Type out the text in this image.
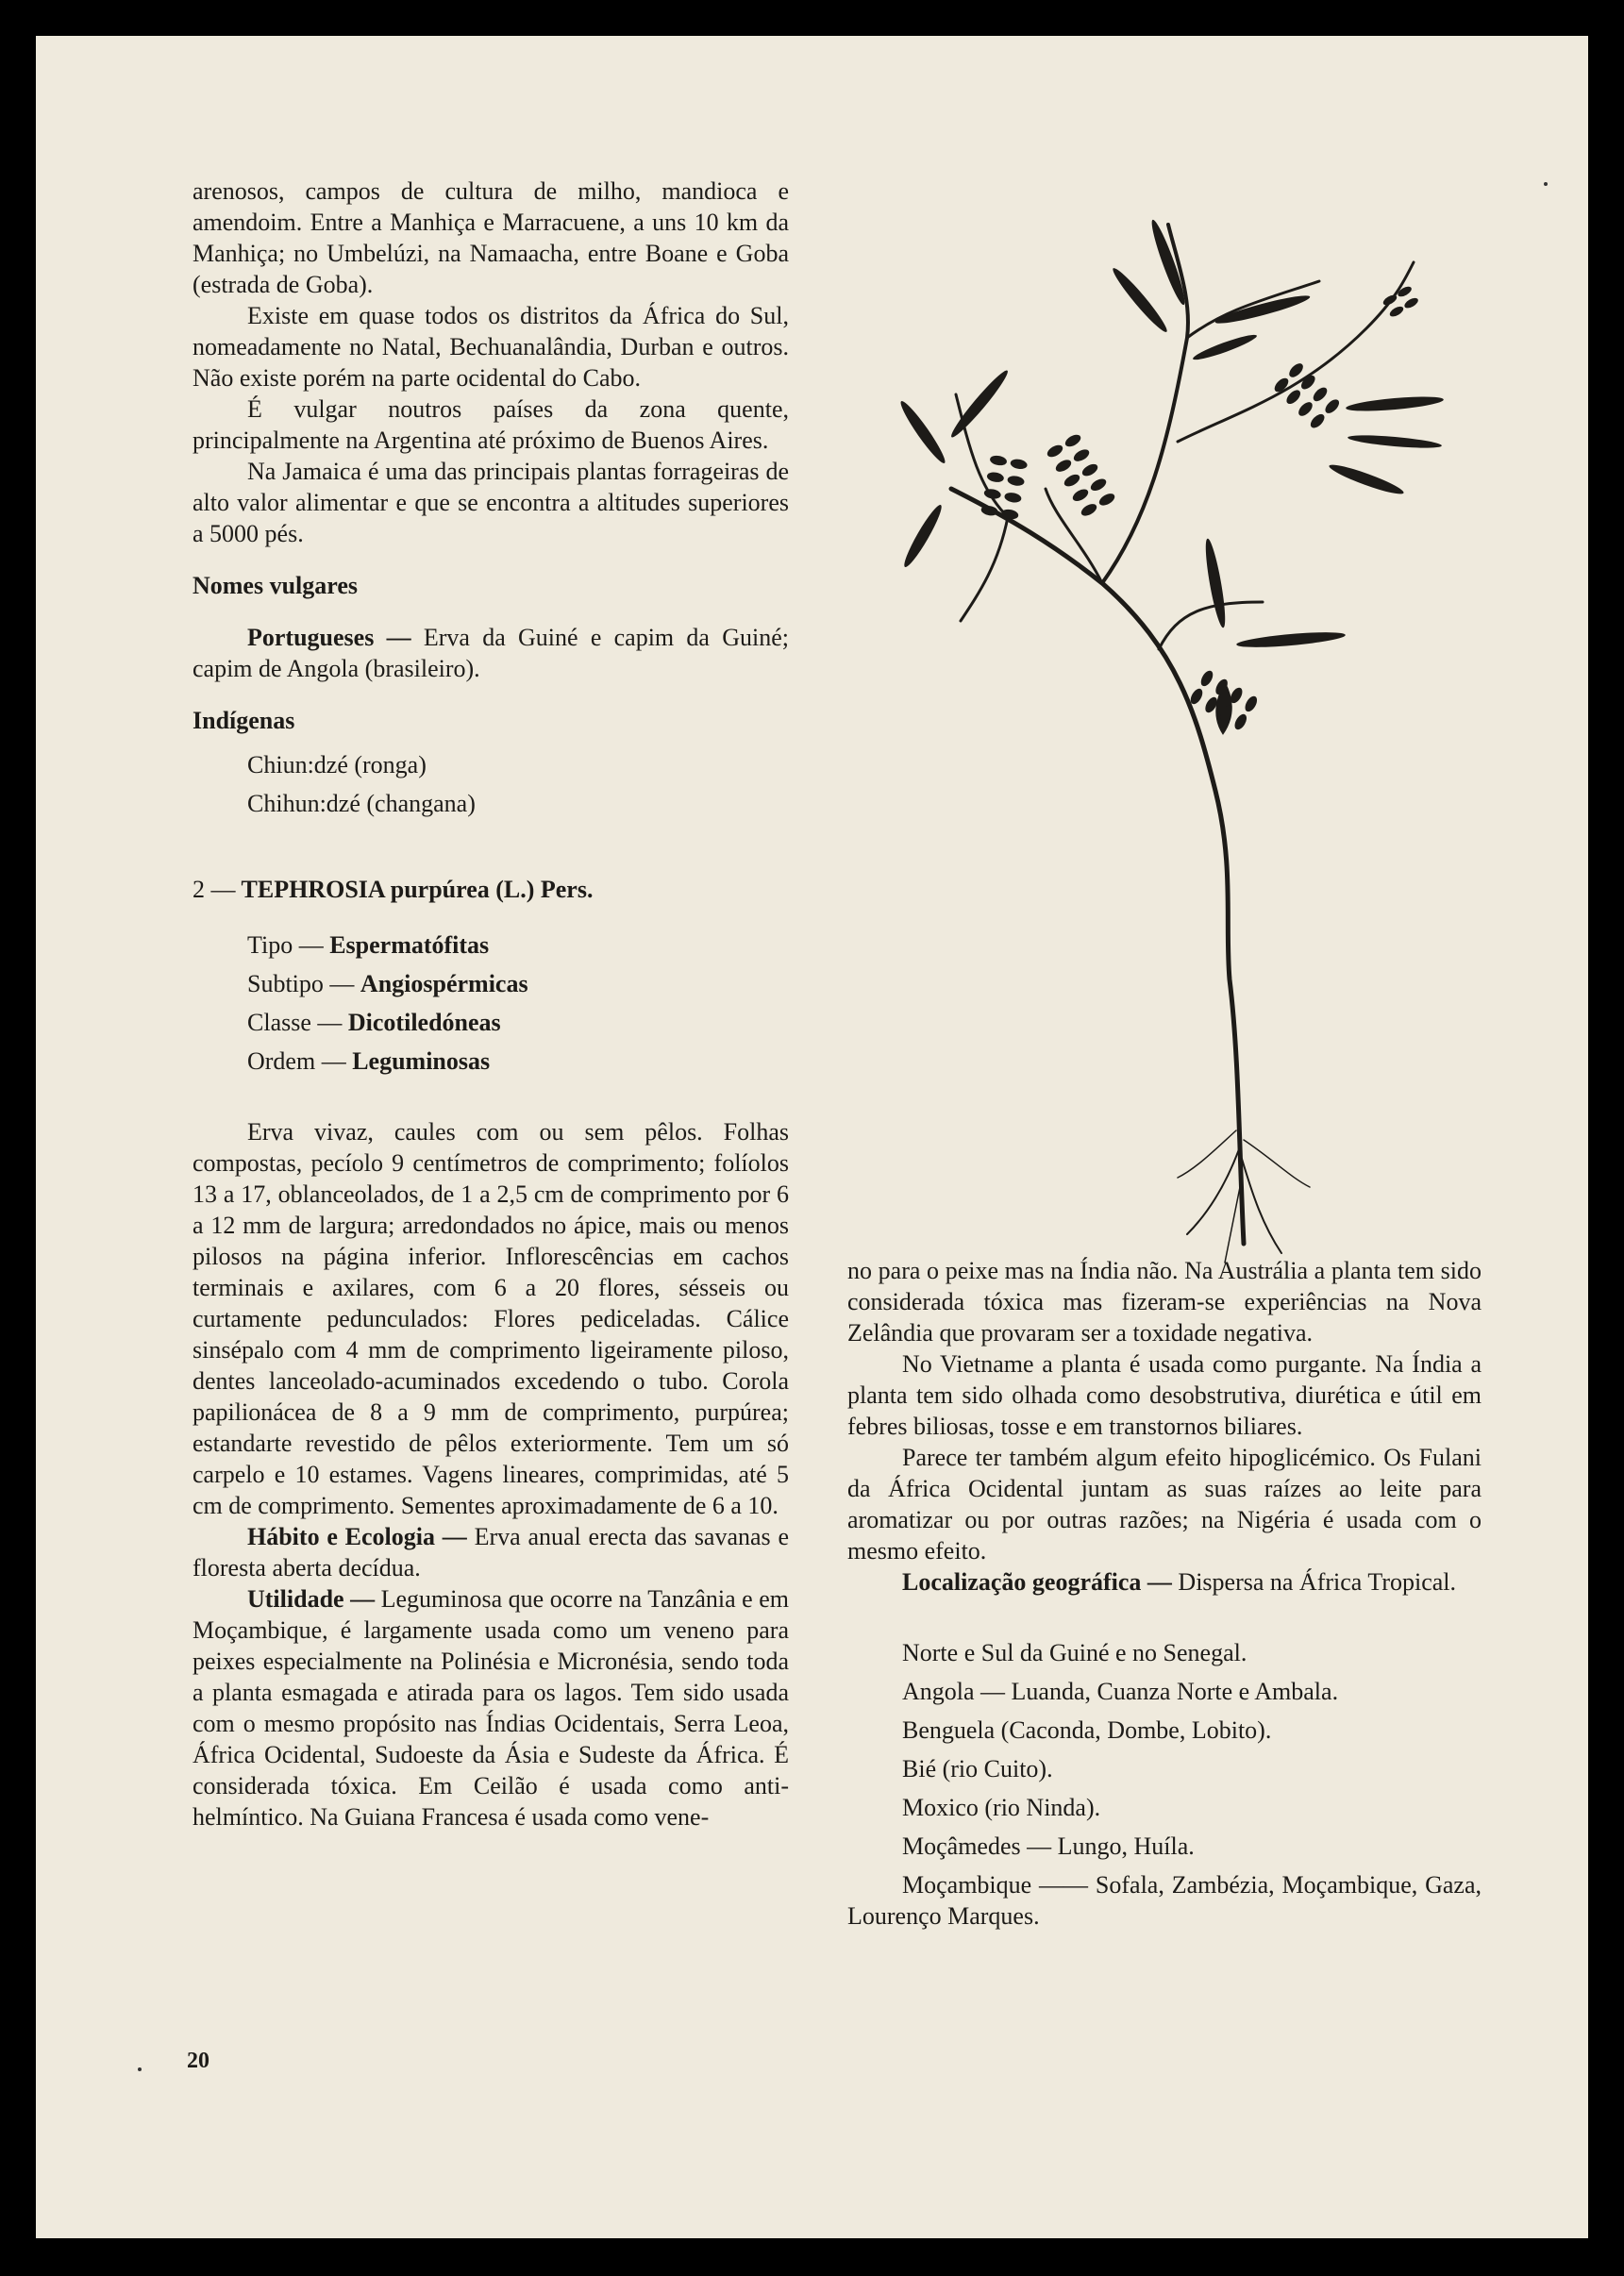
arenosos, campos de cultura de milho, mandioca e amendoim. Entre a Manhiça e Marracuene, a uns 10 km da Manhiça; no Umbelúzi, na Namaacha, entre Boane e Goba (estrada de Goba).

Existe em quase todos os distritos da África do Sul, nomeadamente no Natal, Bechuanalândia, Durban e outros. Não existe porém na parte ocidental do Cabo.

É vulgar noutros países da zona quente, principalmente na Argentina até próximo de Buenos Aires.

Na Jamaica é uma das principais plantas forrageiras de alto valor alimentar e que se encontra a altitudes superiores a 5000 pés.

Nomes vulgares

Portugueses — Erva da Guiné e capim da Guiné; capim de Angola (brasileiro).

Indígenas

Chiun:dzé (ronga)

Chihun:dzé (changana)

2 — TEPHROSIA purpúrea (L.) Pers.

Tipo — Espermatófitas

Subtipo — Angiospérmicas

Classe — Dicotiledóneas

Ordem — Leguminosas

Erva vivaz, caules com ou sem pêlos. Folhas compostas, pecíolo 9 centímetros de comprimento; folíolos 13 a 17, oblanceolados, de 1 a 2,5 cm de comprimento por 6 a 12 mm de largura; arredondados no ápice, mais ou menos pilosos na página inferior. Inflorescências em cachos terminais e axilares, com 6 a 20 flores, sésseis ou curtamente pedunculados: Flores pediceladas. Cálice sinsépalo com 4 mm de comprimento ligeiramente piloso, dentes lanceolado-acuminados excedendo o tubo. Corola papilionácea de 8 a 9 mm de comprimento, purpúrea; estandarte revestido de pêlos exteriormente. Tem um só carpelo e 10 estames. Vagens lineares, comprimidas, até 5 cm de comprimento. Sementes aproximadamente de 6 a 10.

Hábito e Ecologia — Erva anual erecta das savanas e floresta aberta decídua.

Utilidade — Leguminosa que ocorre na Tanzânia e em Moçambique, é largamente usada como um veneno para peixes especialmente na Polinésia e Micronésia, sendo toda a planta esmagada e atirada para os lagos. Tem sido usada com o mesmo propósito nas Índias Ocidentais, Serra Leoa, África Ocidental, Sudoeste da Ásia e Sudeste da África. É considerada tóxica. Em Ceilão é usada como anti-helmíntico. Na Guiana Francesa é usada como vene-

no para o peixe mas na Índia não. Na Austrália a planta tem sido considerada tóxica mas fizeram-se experiências na Nova Zelândia que provaram ser a toxidade negativa.

No Vietname a planta é usada como purgante. Na Índia a planta tem sido olhada como desobstrutiva, diurética e útil em febres biliosas, tosse e em transtornos biliares.

Parece ter também algum efeito hipoglicémico. Os Fulani da África Ocidental juntam as suas raízes ao leite para aromatizar ou por outras razões; na Nigéria é usada com o mesmo efeito.

Localização geográfica — Dispersa na África Tropical.

Norte e Sul da Guiné e no Senegal.

Angola — Luanda, Cuanza Norte e Ambala.

Benguela (Caconda, Dombe, Lobito).

Bié (rio Cuito).

Moxico (rio Ninda).

Moçâmedes — Lungo, Huíla.

Moçambique —— Sofala, Zambézia, Moçambique, Gaza, Lourenço Marques.

20
